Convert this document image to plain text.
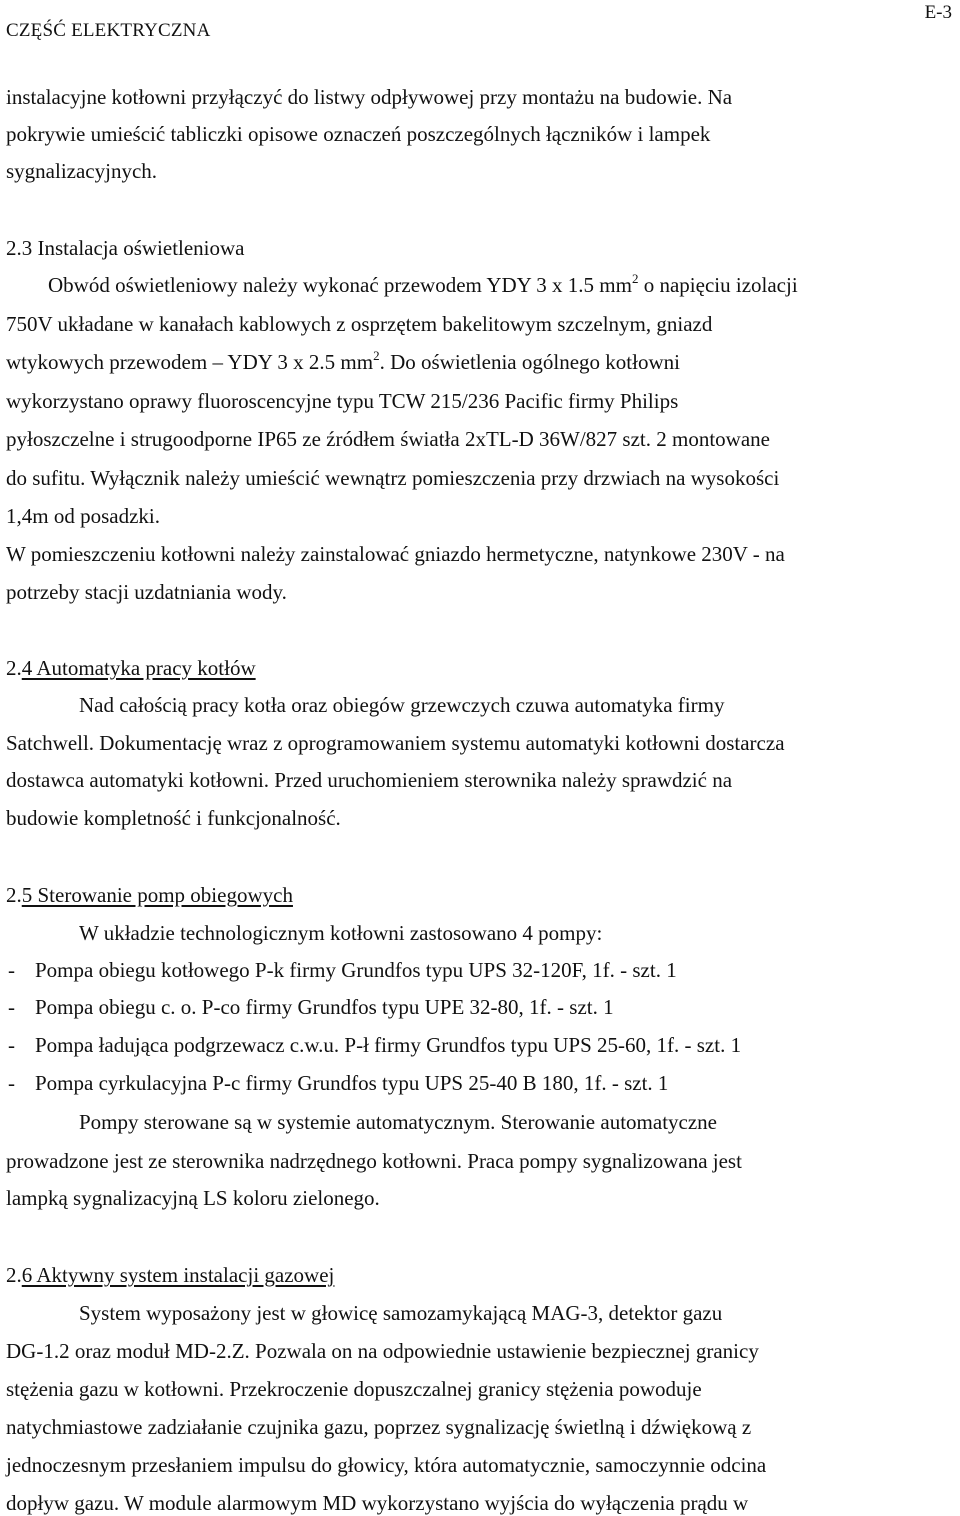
CZĘŚĆ ELEKTRYCZNA
E-3
instalacyjne kotłowni przyłączyć do listwy odpływowej przy montażu na budowie. Na
pokrywie umieścić tabliczki opisowe oznaczeń poszczególnych łączników i lampek
sygnalizacyjnych.
2.3 Instalacja oświetleniowa
Obwód oświetleniowy należy wykonać przewodem YDY 3 x 1.5 $mm^2$ o napięciu izolacji
750V układane w kanałach kablowych z osprzętem bakelitowym szczelnym, gniazd
wtykowych przewodem – YDY 3 x 2.5 $mm^2$. Do oświetlenia ogólnego kotłowni
wykorzystano oprawy fluoroscencyjne typu TCW 215/236 Pacific firmy Philips
pyłoszczelne i strugoodporne IP65 ze źródłem światła 2xTL-D 36W/827 szt. 2 montowane
do sufitu. Wyłącznik należy umieścić wewnątrz pomieszczenia przy drzwiach na wysokości
1,4m od posadzki.
W pomieszczeniu kotłowni należy zainstalować gniazdo hermetyczne, natynkowe 230V - na
potrzeby stacji uzdatniania wody.
2.4 Automatyka pracy kotłów
Nad całością pracy kotła oraz obiegów grzewczych czuwa automatyka firmy
Satchwell. Dokumentację wraz z oprogramowaniem systemu automatyki kotłowni dostarcza
dostawca automatyki kotłowni. Przed uruchomieniem sterownika należy sprawdzić na
budowie kompletność i funkcjonalność.
2.5 Sterowanie pomp obiegowych
W układzie technologicznym kotłowni zastosowano 4 pompy:
- Pompa obiegu kotłowego P-k firmy Grundfos typu UPS 32-120F, 1f. - szt. 1
- Pompa obiegu c. o. P-co firmy Grundfos typu UPE 32-80, 1f. - szt. 1
- Pompa ładująca podgrzewacz c.w.u. P-ł firmy Grundfos typu UPS 25-60, 1f. - szt. 1
- Pompa cyrkulacyjna P-c firmy Grundfos typu UPS 25-40 B 180, 1f. - szt. 1
Pompy sterowane są w systemie automatycznym. Sterowanie automatyczne
prowadzone jest ze sterownika nadrzędnego kotłowni. Praca pompy sygnalizowana jest
lampką sygnalizacyjną LS koloru zielonego.
2.6 Aktywny system instalacji gazowej
System wyposażony jest w głowicę samozamykającą MAG-3, detektor gazu
DG-1.2 oraz moduł MD-2.Z. Pozwala on na odpowiednie ustawienie bezpiecznej granicy
stężenia gazu w kotłowni. Przekroczenie dopuszczalnej granicy stężenia powoduje
natychmiastowe zadziałanie czujnika gazu, poprzez sygnalizację świetlną i dźwiękową z
jednoczesnym przesłaniem impulsu do głowicy, która automatycznie, samoczynnie odcina
dopływ gazu. W module alarmowym MD wykorzystano wyjścia do wyłączenia prądu w
